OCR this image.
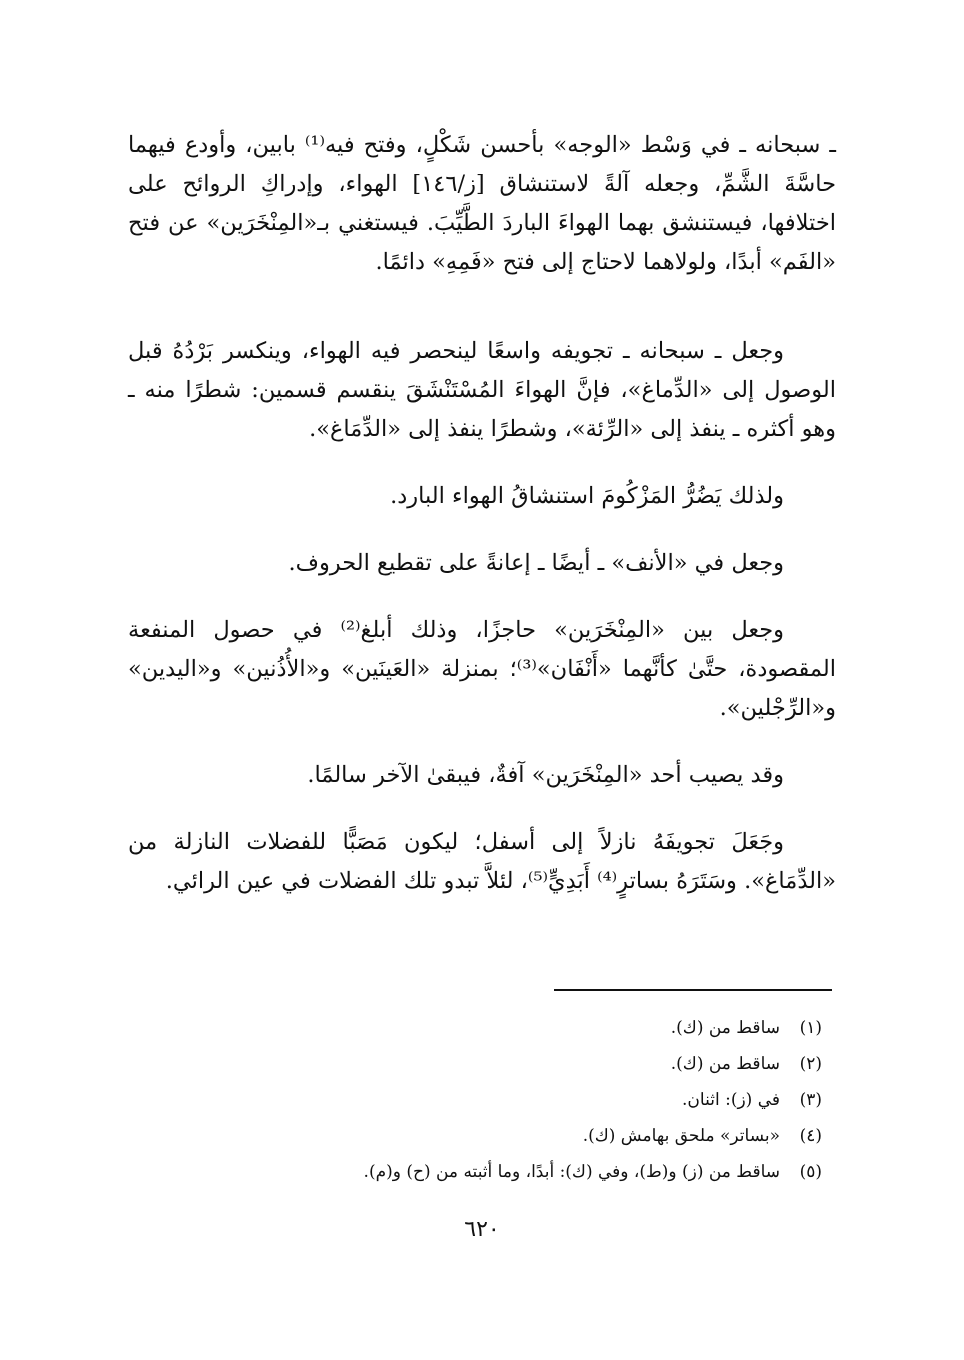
ـ سبحانه ـ في وَسْط «الوجه» بأحسن شَكْلٍ، وفتح فيه⁽¹⁾ بابين، وأودع فيهما حاسَّةَ الشَّمِّ، وجعله آلةً لاستنشاق [ز/١٤٦] الهواء، وإدراكِ الروائح على اختلافها، فيستنشق بهما الهواءَ الباردَ الطَّيِّبَ. فيستغني بـ«المِنْخَرَين» عن فتح «الفَم» أبدًا، ولولاهما لاحتاج إلى فتح «فَمِهِ» دائمًا.

وجعل ـ سبحانه ـ تجويفه واسعًا لينحصر فيه الهواء، وينكسر بَرْدُهُ قبل الوصول إلى «الدِّماغ»، فإنَّ الهواءَ المُسْتَنْشَقَ ينقسم قسمين: شطرًا منه ـ وهو أكثره ـ ينفذ إلى «الرِّئة»، وشطرًا ينفذ إلى «الدِّمَاغ».

ولذلك يَضُرُّ المَزْكُومَ استنشاقُ الهواء البارد.

وجعل في «الأنف» ـ أيضًا ـ إعانةً على تقطيع الحروف.

وجعل بين «المِنْخَرَين» حاجزًا، وذلك أبلغ⁽²⁾ في حصول المنفعة المقصودة، حتَّىٰ كأنَّهما «أَنْفَان»⁽³⁾؛ بمنزلة «العَينَين» و«الأُذُنين» و«اليدين» و«الرِّجْلين».

وقد يصيب أحد «المِنْخَرَين» آفةٌ، فيبقىٰ الآخر سالمًا.

وجَعَلَ تجويفَهُ نازلاً إلى أسفل؛ ليكون مَصَبًّا للفضلات النازلة من «الدِّمَاغ». وسَتَرَهُ بساترٍ⁽⁴⁾ أَبَدِيٍّ⁽⁵⁾، لئلاَّ تبدو تلك الفضلات في عين الرائي.

(١)ساقط من (ك).

(٢)ساقط من (ك).

(٣)في (ز): اثنان.

(٤)«بساتر» ملحق بهامش (ك).

(٥)ساقط من (ز) و(ط)، وفي (ك): أبدًا، وما أثبته من (ح) و(م).

٦٢٠
